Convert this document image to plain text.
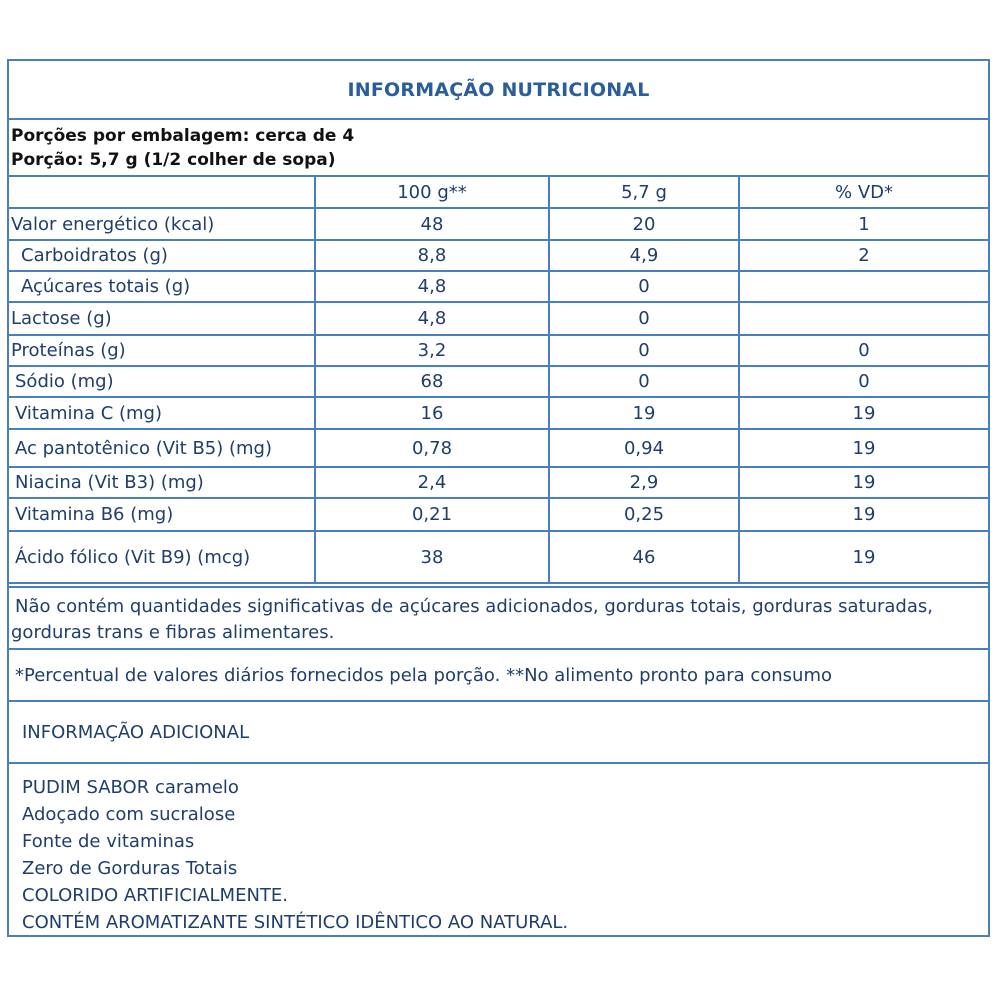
INFORMAÇÃO NUTRICIONAL
Porções por embalagem: cerca de 4
Porção: 5,7 g (1/2 colher de sopa)
	100 g**	5,7 g	% VD*
Valor energético (kcal)	48	20	1
Carboidratos (g)	8,8	4,9	2
Açúcares totais (g)	4,8	0	
Lactose (g)	4,8	0	
Proteínas (g)	3,2	0	0
Sódio (mg)	68	0	0
Vitamina C (mg)	16	19	19
Ac pantotênico (Vit B5) (mg)	0,78	0,94	19
Niacina (Vit B3) (mg)	2,4	2,9	19
Vitamina B6 (mg)	0,21	0,25	19
Ácido fólico (Vit B9) (mcg)	38	46	19
Não contém quantidades significativas de açúcares adicionados, gorduras totais, gorduras saturadas,
gorduras trans e fibras alimentares.
*Percentual de valores diários fornecidos pela porção. **No alimento pronto para consumo
INFORMAÇÃO ADICIONAL
PUDIM SABOR caramelo
Adoçado com sucralose
Fonte de vitaminas
Zero de Gorduras Totais
COLORIDO ARTIFICIALMENTE.
CONTÉM AROMATIZANTE SINTÉTICO IDÊNTICO AO NATURAL.
